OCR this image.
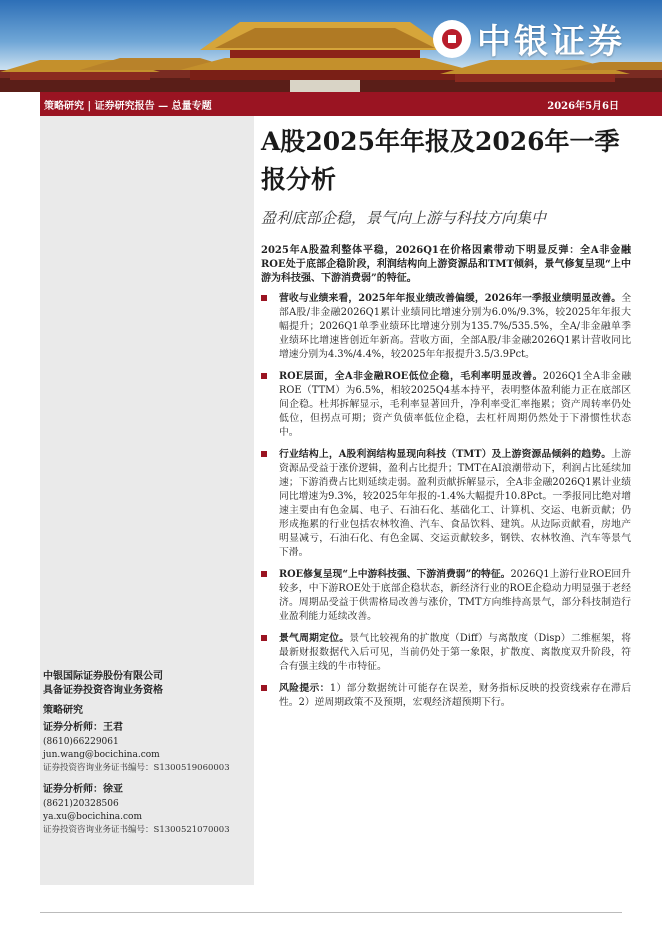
中银证券
策略研究 | 证券研究报告 — 总量专题	2026年5月6日
中银国际证券股份有限公司
具备证券投资咨询业务资格
策略研究
证券分析师：王君
(8610)66229061
jun.wang@bocichina.com
证券投资咨询业务证书编号：S1300519060003
证券分析师：徐亚
(8621)20328506
ya.xu@bocichina.com
证券投资咨询业务证书编号：S1300521070003
A股2025年年报及2026年一季报分析
盈利底部企稳，景气向上游与科技方向集中
2025年A股盈利整体平稳，2026Q1在价格因素带动下明显反弹：全A非金融ROE处于底部企稳阶段，利润结构向上游资源品和TMT倾斜，景气修复呈现“上中游为科技强、下游消费弱”的特征。
营收与业绩来看，2025年年报业绩改善偏缓，2026年一季报业绩明显改善。全部A股/非金融2026Q1累计业绩同比增速分别为6.0%/9.3%，较2025年年报大幅提升；2026Q1单季业绩环比增速分别为135.7%/535.5%，全A/非金融单季业绩环比增速皆创近年新高。营收方面，全部A股/非金融2026Q1累计营收同比增速分别为4.3%/4.4%，较2025年年报提升3.5/3.9Pct。
ROE层面，全A非金融ROE低位企稳，毛利率明显改善。2026Q1全A非金融ROE（TTM）为6.5%，相较2025Q4基本持平，表明整体盈利能力正在底部区间企稳。杜邦拆解显示，毛利率显著回升，净利率受汇率拖累；资产周转率仍处低位，但拐点可期；资产负债率低位企稳，去杠杆周期仍然处于下滑惯性状态中。
行业结构上，A股利润结构显现向科技（TMT）及上游资源品倾斜的趋势。上游资源品受益于涨价逻辑，盈利占比提升；TMT在AI浪潮带动下，利润占比延续加速；下游消费占比则延续走弱。盈利贡献拆解显示，全A非金融2026Q1累计业绩同比增速为9.3%，较2025年年报的-1.4%大幅提升10.8Pct。一季报同比绝对增速主要由有色金属、电子、石油石化、基础化工、计算机、交运、电新贡献；仍形成拖累的行业包括农林牧渔、汽车、食品饮料、建筑。从边际贡献看，房地产明显减亏，石油石化、有色金属、交运贡献较多，钢铁、农林牧渔、汽车等景气下滑。
ROE修复呈现“上中游科技强、下游消费弱”的特征。2026Q1上游行业ROE回升较多，中下游ROE处于底部企稳状态，新经济行业的ROE企稳动力明显强于老经济。周期品受益于供需格局改善与涨价，TMT方向维持高景气，部分科技制造行业盈利能力延续改善。
景气周期定位。景气比较视角的扩散度（Diff）与离散度（Disp）二维框架，将最新财报数据代入后可见，当前仍处于第一象限，扩散度、离散度双升阶段，符合有强主线的牛市特征。
风险提示：1）部分数据统计可能存在误差，财务指标反映的投资线索存在滞后性。2）逆周期政策不及预期，宏观经济超预期下行。
